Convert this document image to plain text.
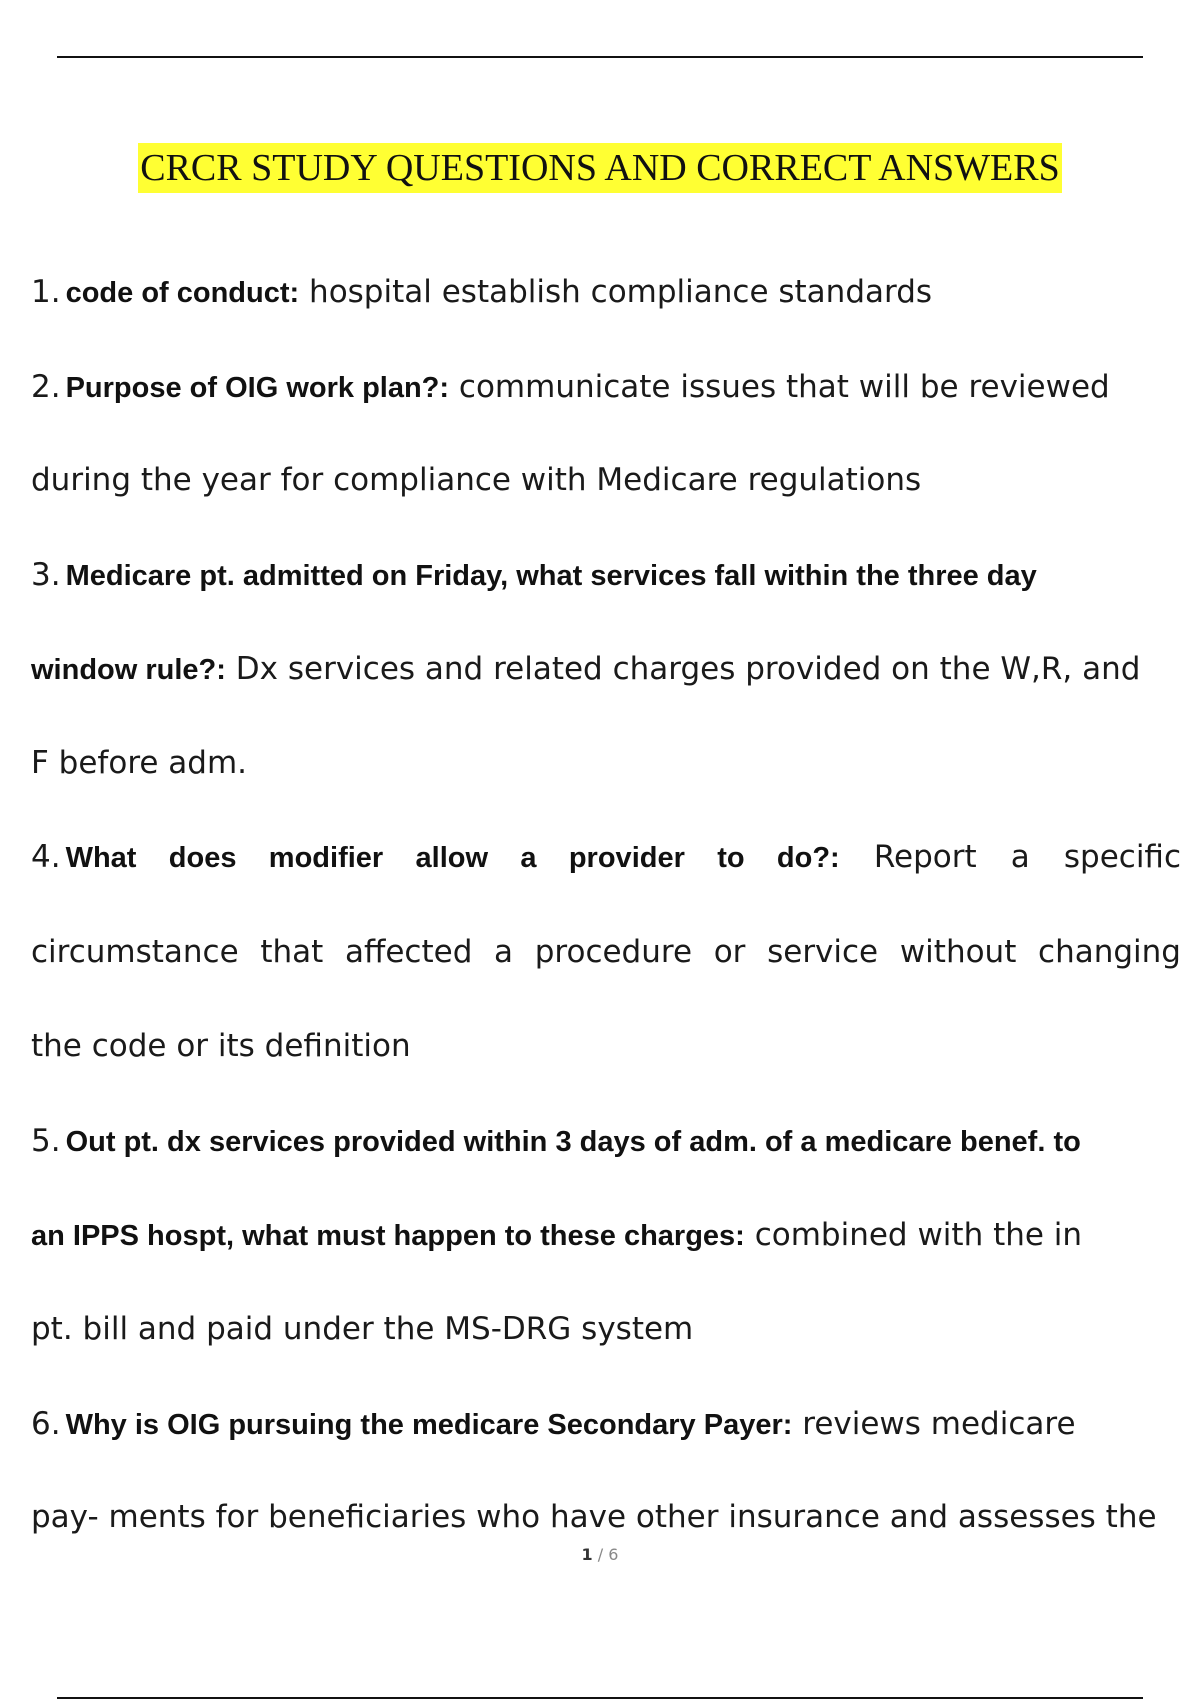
CRCR STUDY QUESTIONS AND CORRECT ANSWERS
1. code of conduct: hospital establish compliance standards
2. Purpose of OIG work plan?: communicate issues that will be reviewed
during the year for compliance with Medicare regulations
3. Medicare pt. admitted on Friday, what services fall within the three day
window rule?: Dx services and related charges provided on the W,R, and
F before adm.
4. What does modifier allow a provider to do?: Report a specific
circumstance that affected a procedure or service without changing
the code or its definition
5. Out pt. dx services provided within 3 days of adm. of a medicare benef. to
an IPPS hospt, what must happen to these charges: combined with the in
pt. bill and paid under the MS-DRG system
6. Why is OIG pursuing the medicare Secondary Payer: reviews medicare
pay- ments for beneficiaries who have other insurance and assesses the
1 / 6
